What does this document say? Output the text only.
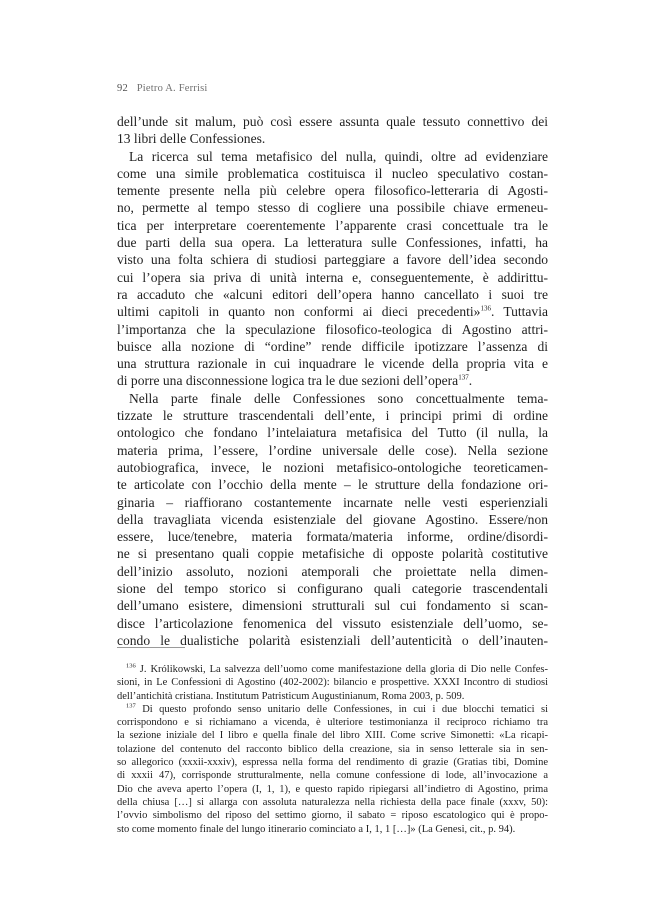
92 Pietro A. Ferrisi

dell’unde sit malum, può così essere assunta quale tessuto connettivo dei

13 libri delle Confessiones.

La ricerca sul tema metafisico del nulla, quindi, oltre ad evidenziare

come una simile problematica costituisca il nucleo speculativo costan-

temente presente nella più celebre opera filosofico-letteraria di Agosti-

no, permette al tempo stesso di cogliere una possibile chiave ermeneu-

tica per interpretare coerentemente l’apparente crasi concettuale tra le

due parti della sua opera. La letteratura sulle Confessiones, infatti, ha

visto una folta schiera di studiosi parteggiare a favore dell’idea secondo

cui l’opera sia priva di unità interna e, conseguentemente, è addirittu-

ra accaduto che «alcuni editori dell’opera hanno cancellato i suoi tre

ultimi capitoli in quanto non conformi ai dieci precedenti»$^{136}$. Tuttavia

l’importanza che la speculazione filosofico-teologica di Agostino attri-

buisce alla nozione di “ordine” rende difficile ipotizzare l’assenza di

una struttura razionale in cui inquadrare le vicende della propria vita e

di porre una disconnessione logica tra le due sezioni dell’opera$^{137}$.

Nella parte finale delle Confessiones sono concettualmente tema-

tizzate le strutture trascendentali dell’ente, i principi primi di ordine

ontologico che fondano l’intelaiatura metafisica del Tutto (il nulla, la

materia prima, l’essere, l’ordine universale delle cose). Nella sezione

autobiografica, invece, le nozioni metafisico-ontologiche teoreticamen-

te articolate con l’occhio della mente – le strutture della fondazione ori-

ginaria – riaffiorano costantemente incarnate nelle vesti esperienziali

della travagliata vicenda esistenziale del giovane Agostino. Essere/non

essere, luce/tenebre, materia formata/materia informe, ordine/disordi-

ne si presentano quali coppie metafisiche di opposte polarità costitutive

dell’inizio assoluto, nozioni atemporali che proiettate nella dimen-

sione del tempo storico si configurano quali categorie trascendentali

dell’umano esistere, dimensioni strutturali sul cui fondamento si scan-

disce l’articolazione fenomenica del vissuto esistenziale dell’uomo, se-

condo le dualistiche polarità esistenziali dell’autenticità o dell’inauten-

$^{136}$ J. Królikowski, La salvezza dell’uomo come manifestazione della gloria di Dio nelle Confes-

sioni, in Le Confessioni di Agostino (402-2002): bilancio e prospettive. XXXI Incontro di studiosi

dell’antichità cristiana. Institutum Patristicum Augustinianum, Roma 2003, p. 509.

$^{137}$ Di questo profondo senso unitario delle Confessiones, in cui i due blocchi tematici si

corrispondono e si richiamano a vicenda, è ulteriore testimonianza il reciproco richiamo tra

la sezione iniziale del I libro e quella finale del libro XIII. Come scrive Simonetti: «La ricapi-

tolazione del contenuto del racconto biblico della creazione, sia in senso letterale sia in sen-

so allegorico (xxxii-xxxiv), espressa nella forma del rendimento di grazie (Gratias tibi, Domine

di xxxii 47), corrisponde strutturalmente, nella comune confessione di lode, all’invocazione a

Dio che aveva aperto l’opera (I, 1, 1), e questo rapido ripiegarsi all’indietro di Agostino, prima

della chiusa […] si allarga con assoluta naturalezza nella richiesta della pace finale (xxxv, 50):

l’ovvio simbolismo del riposo del settimo giorno, il sabato = riposo escatologico qui è propo-

sto come momento finale del lungo itinerario cominciato a I, 1, 1 […]» (La Genesi, cit., p. 94).
